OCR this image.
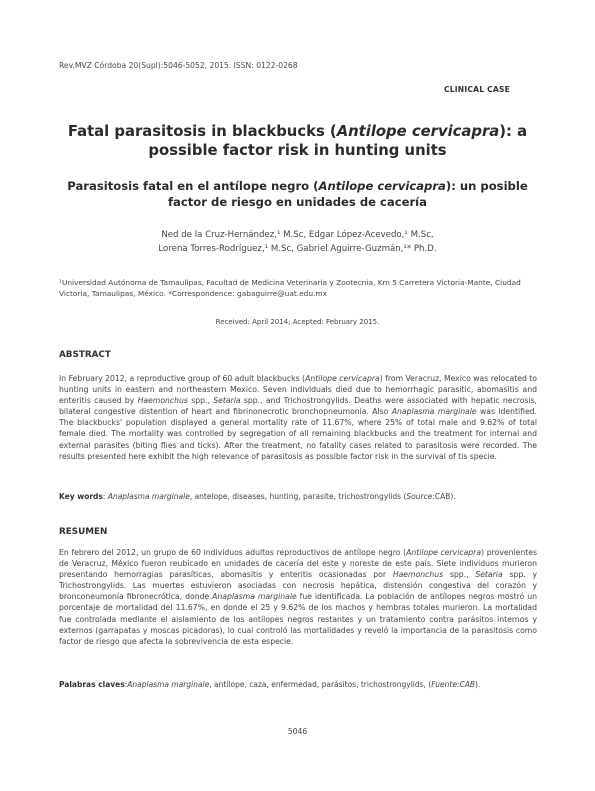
Rev.MVZ Córdoba 20(Supl):5046-5052, 2015. ISSN: 0122-0268
CLINICAL CASE
Fatal parasitosis in blackbucks (Antilope cervicapra): a possible factor risk in hunting units
Parasitosis fatal en el antílope negro (Antilope cervicapra): un posible factor de riesgo en unidades de cacería
Ned de la Cruz-Hernández,¹ M.Sc, Edgar López-Acevedo,¹ M.Sc,
Lorena Torres-Rodríguez,¹ M.Sc, Gabriel Aguirre-Guzmán,¹* Ph.D.
¹Universidad Autónoma de Tamaulipas, Facultad de Medicina Veterinaria y Zootecnia, Km 5 Carretera Victoria-Mante, Ciudad Victoria, Tamaulipas, México. *Correspondence: gabaguirre@uat.edu.mx
Received: April 2014; Acepted: February 2015.
ABSTRACT
In February 2012, a reproductive group of 60 adult blackbucks (Antilope cervicapra) from Veracruz, Mexico was relocated to hunting units in eastern and northeastern Mexico. Seven individuals died due to hemorrhagic parasitic, abomasitis and enteritis caused by Haemonchus spp., Setaria spp., and Trichostrongylids. Deaths were associated with hepatic necrosis, bilateral congestive distention of heart and fibrinonecrotic bronchopneumonia. Also Anaplasma marginale was identified. The blackbucks' population displayed a general mortality rate of 11.67%, where 25% of total male and 9.62% of total female died. The mortality was controlled by segregation of all remaining blackbucks and the treatment for internal and external parasites (biting flies and ticks). After the treatment, no fatality cases related to parasitosis were recorded. The results presented here exhibit the high relevance of parasitosis as possible factor risk in the survival of tis specie.
Key words: Anaplasma marginale, antelope, diseases, hunting, parasite, trichostrongylids (Source:CAB).
RESUMEN
En febrero del 2012, un grupo de 60 individuos adultos reproductivos de antílope negro (Antilope cervicapra) provenientes de Veracruz, México fueron reubicado en unidades de cacería del este y noreste de este país. Siete individuos murieron presentando hemorragias parasíticas, abomasitis y enteritis ocasionadas por Haemonchus spp., Setaria spp. y Trichostrongylids. Las muertes estuvieron asociadas con necrosis hepática, distensión congestiva del corazón y bronconeumonía fibronecrótica, donde Anaplasma marginale fue identificada. La población de antílopes negros mostró un porcentaje de mortalidad del 11.67%, en donde el 25 y 9.62% de los machos y hembras totales murieron. La mortalidad fue controlada mediante el aislamiento de los antílopes negros restantes y un tratamiento contra parásitos internos y externos (garrapatas y moscas picadoras), lo cual controló las mortalidades y reveló la importancia de la parasitosis como factor de riesgo que afecta la sobrevivencia de esta especie.
Palabras claves:Anaplasma marginale, antílope, caza, enfermedad, parásitos, trichostrongylids, (Fuente:CAB).
5046
